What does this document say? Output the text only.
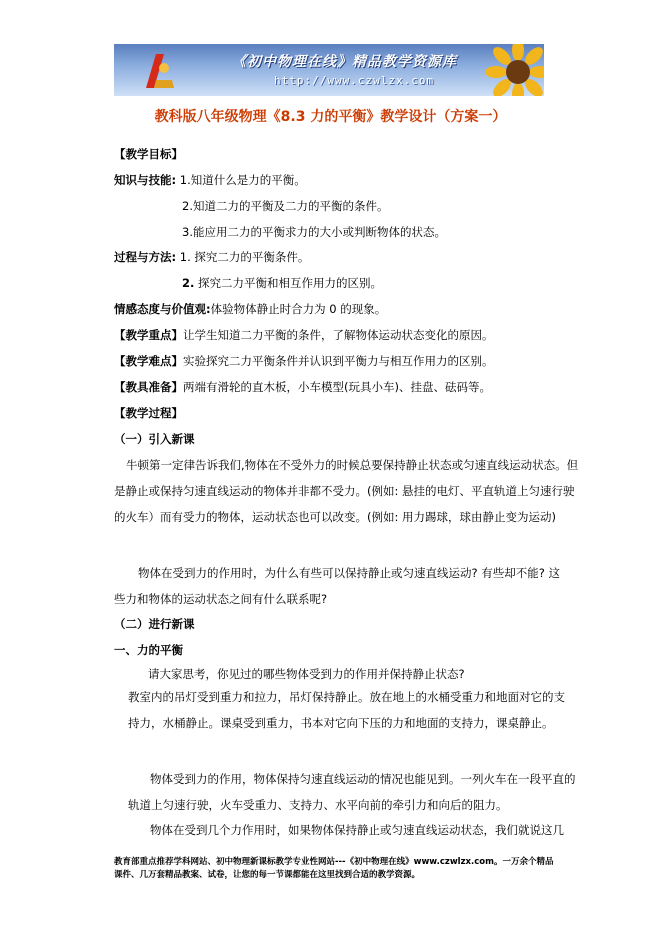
《初中物理在线》精品教学资源库
http://www.czwlzx.com
教科版八年级物理《8.3 力的平衡》教学设计（方案一）
【教学目标】
知识与技能: 1.知道什么是力的平衡。
2.知道二力的平衡及二力的平衡的条件。
3.能应用二力的平衡求力的大小或判断物体的状态。
过程与方法: 1. 探究二力的平衡条件。
2. 探究二力平衡和相互作用力的区别。
情感态度与价值观:体验物体静止时合力为 0 的现象。
【教学重点】让学生知道二力平衡的条件，了解物体运动状态变化的原因。
【教学难点】实验探究二力平衡条件并认识到平衡力与相互作用力的区别。
【教具准备】两端有滑轮的直木板，小车模型(玩具小车)、挂盘、砝码等。
【教学过程】
（一）引入新课
牛顿第一定律告诉我们,物体在不受外力的时候总要保持静止状态或匀速直线运动状态。但是静止或保持匀速直线运动的物体并非都不受力。(例如: 悬挂的电灯、平直轨道上匀速行驶的火车）而有受力的物体，运动状态也可以改变。(例如: 用力踢球，球由静止变为运动)
物体在受到力的作用时，为什么有些可以保持静止或匀速直线运动? 有些却不能? 这些力和物体的运动状态之间有什么联系呢?
（二）进行新课
一、力的平衡
请大家思考，你见过的哪些物体受到力的作用并保持静止状态?
教室内的吊灯受到重力和拉力，吊灯保持静止。放在地上的水桶受重力和地面对它的支持力，水桶静止。课桌受到重力，书本对它向下压的力和地面的支持力，课桌静止。
物体受到力的作用，物体保持匀速直线运动的情况也能见到。一列火车在一段平直的轨道上匀速行驶，火车受重力、支持力、水平向前的牵引力和向后的阻力。
物体在受到几个力作用时，如果物体保持静止或匀速直线运动状态，我们就说这几
教育部重点推荐学科网站、初中物理新课标教学专业性网站---《初中物理在线》www.czwlzx.com。一万余个精品课件、几万套精品教案、试卷，让您的每一节课都能在这里找到合适的教学资源。
